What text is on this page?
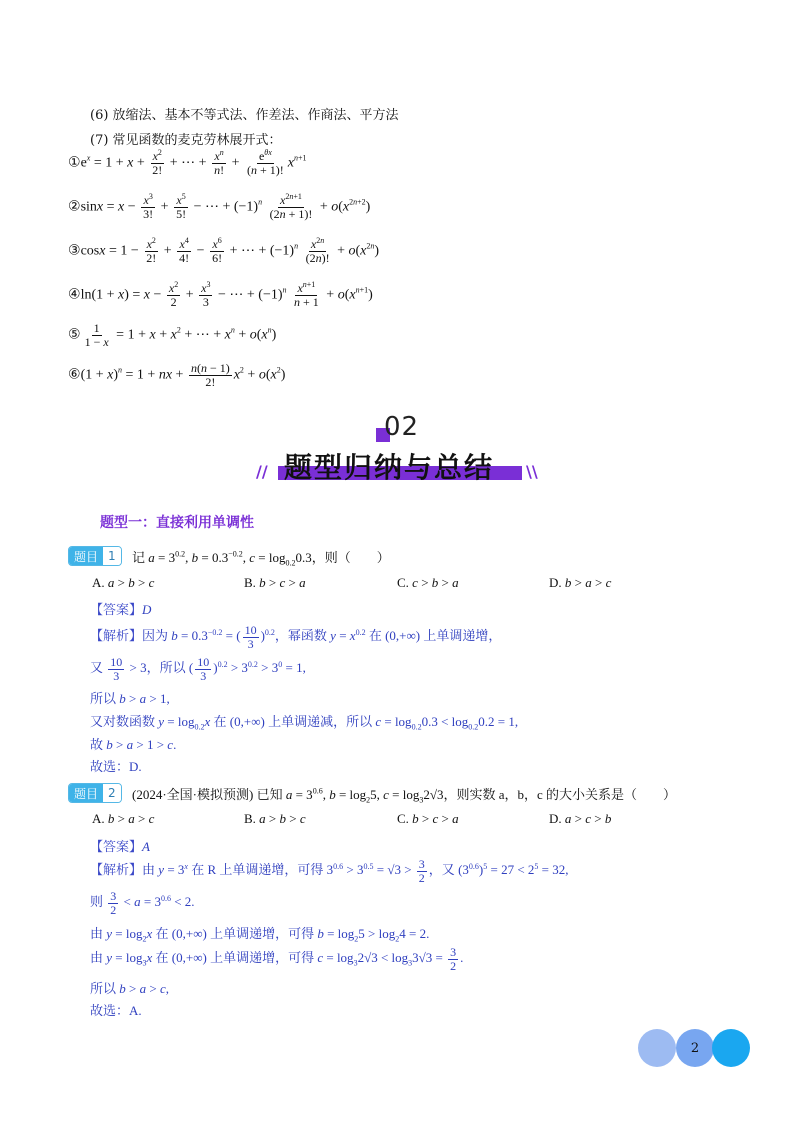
(6) 放缩法、基本不等式法、作差法、作商法、平方法
(7) 常见函数的麦克劳林展开式：
$①e^x = 1 + x + \frac{x^2}{2!}$ + ⋯ + $\frac{x^n}{n!} + \frac{e^{\theta x}}{(n + 1)!} x^{n+1}$
②sinx = $x - \frac{x^3}{3!} + \frac{x^5}{5!}$ − ⋯ + $(-1)^n \frac{x^{2n+1}}{(2n + 1)!} + o(x^{2n+2})$
③cosx = $1 - \frac{x^2}{2!} + \frac{x^4}{4!} - \frac{x^6}{6!}$ + ⋯ + $(-1)^n \frac{x^{2n}}{(2n)!} + o(x^{2n})$
④ln(1 + $x) = x - \frac{x^2}{2} + \frac{x^3}{3}$ − ⋯ + $(-1)^n \frac{x^{n+1}}{n + 1} + o(x^{n+1})$
⑤ $\frac{1}{1 - x} = 1 + x + x^2$ + ⋯ + $x^n + o(x^n)$
⑥(1 + x)$^n$ = 1 + nx + $\frac{n(n - 1)}{2!} x^2 + o(x^2)$
02
题型归纳与总结
//	\\
题型一：直接利用单调性
题目 1	记 $a = 3^{0.2}$, $b = 0.3^{-0.2}$, $c = \log_{0.2}0.3$，则（　　）
A. a > b > c	B. b > c > a	C. c > b > a	D. b > a > c
【答案】D
【解析】因为 $b = 0.3^{-0.2}$ = ( $\frac{10}{3} )^{0.2}$，幂函数 $y = x^{0.2}$ 在 (0,+∞) 上单调递增，
又 $\frac{10}{3} > 3$，所以 ( $\frac{10}{3} )^{0.2} > 3^{0.2} > 3^0 = 1$,
所以 b > a > 1,
又对数函数 $y = \log_{0.2}x$ 在 (0,+∞) 上单调递减，所以 $c = \log_{0.2}0.3 < \log_{0.2}0.2 = 1$,
故 b > a > 1 > c.
故选：D.
题目 2	(2024·全国·模拟预测) 已知 $a = 3^{0.6}$, $b = \log_25$, $c = \log_32√3$，则实数 a，b，c 的大小关系是（　　）
A. b > a > c	B. a > b > c	C. b > c > a	D. a > c > b
【答案】A
【解析】由 $y = 3^x$ 在 R 上单调递增，可得 $3^{0.6} > 3^{0.5} = √3 > \frac{3}{2}$ ，又 $(3^{0.6})^5 = 27 < 2^5 = 32$,
则 $\frac{3}{2} < a = 3^{0.6} < 2$.
由 $y = \log_2x$ 在 (0,+∞) 上单调递增，可得 $b = \log_25 > \log_24 = 2$.
由 $y = \log_3x$ 在 (0,+∞) 上单调递增，可得 $c = \log_32√3 < \log_33√3 = \frac{3}{2}$ .
所以 b > a > c,
故选：A.
2
